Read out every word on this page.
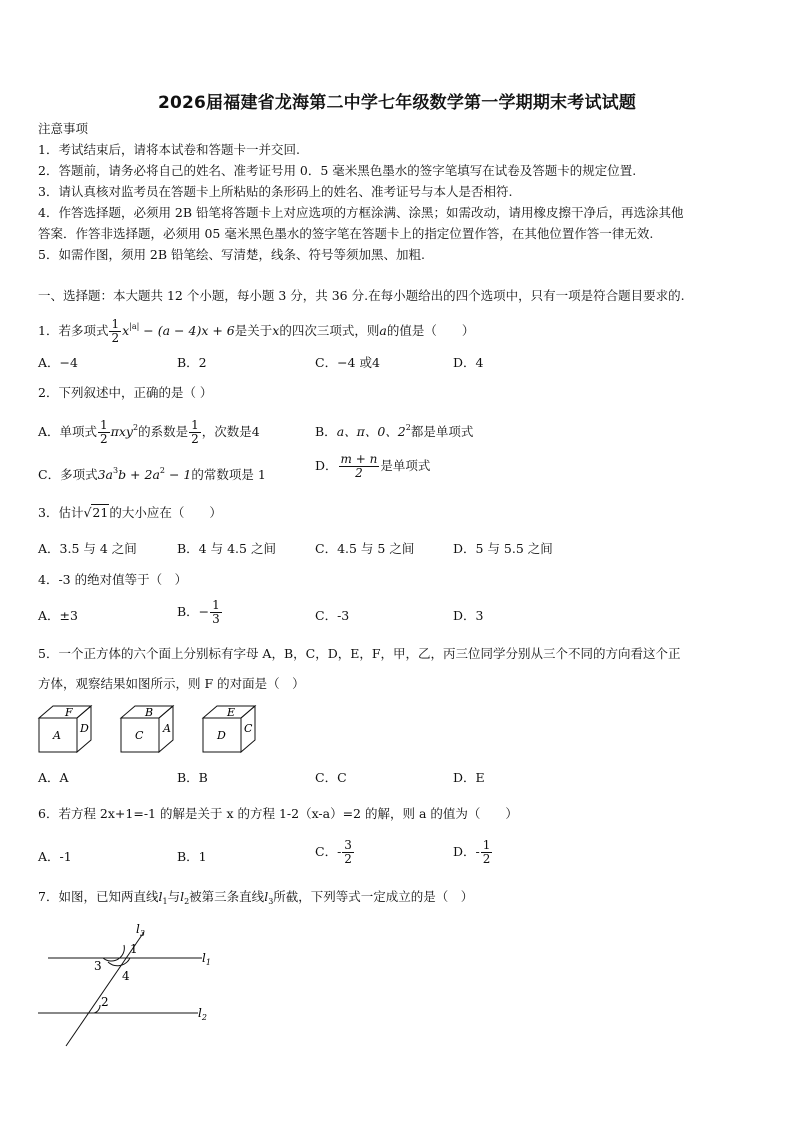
2026届福建省龙海第二中学七年级数学第一学期期末考试试题
注意事项
1．考试结束后，请将本试卷和答题卡一并交回.
2．答题前，请务必将自己的姓名、准考证号用 0．5 毫米黑色墨水的签字笔填写在试卷及答题卡的规定位置.
3．请认真核对监考员在答题卡上所粘贴的条形码上的姓名、准考证号与本人是否相符.
4．作答选择题，必须用 2B 铅笔将答题卡上对应选项的方框涂满、涂黑；如需改动，请用橡皮擦干净后，再选涂其他
答案．作答非选择题，必须用 05 毫米黑色墨水的签字笔在答题卡上的指定位置作答，在其他位置作答一律无效.
5．如需作图，须用 2B 铅笔绘、写清楚，线条、符号等须加黑、加粗.
一、选择题：本大题共 12 个小题，每小题 3 分，共 36 分.在每小题给出的四个选项中，只有一项是符合题目要求的.
1．若多项式 $\frac{1}{2} x^{|a|} - (a - 4)x + 6$是关于x的四次三项式，则a的值是（　　）
A．−4	B．2	C．−4 或4	D．4
2．下列叙述中，正确的是（ ）
A．单项式 $\frac{1}{2} \pi xy^2$的系数是 $\frac{1}{2}$ ，次数是4	B．a、π、0、$2^2$都是单项式
C．多项式$3a^3b + 2a^2 - 1$的常数项是 1
D． $\frac{m + n}{2}$ 是单项式
3．估计√21的大小应在（　　）
A．3.5 与 4 之间	B．4 与 4.5 之间	C．4.5 与 5 之间	D．5 与 5.5 之间
4．-3 的绝对值等于（　）
A．±3	B．− $\frac{1}{3}$	C．-3	D．3
5．一个正方体的六个面上分别标有字母 A，B，C，D，E，F，甲，乙，丙三位同学分别从三个不同的方向看这个正
方体，观察结果如图所示，则 F 的对面是（　）
F
A
D
B
C
A
E
D
C
A．A	B．B	C．C	D．E
6．若方程 2x+1=-1 的解是关于 x 的方程 1-2（x-a）=2 的解，则 a 的值为（　　）
A．-1	B．1	C．- $\frac{3}{2}$	D．- $\frac{1}{2}$
7．如图，已知两直线$l_1$与$l_2$被第三条直线$l_3$所截，下列等式一定成立的是（　）
$l_3$
$l_1$
$l_2$
1
3
4
2
